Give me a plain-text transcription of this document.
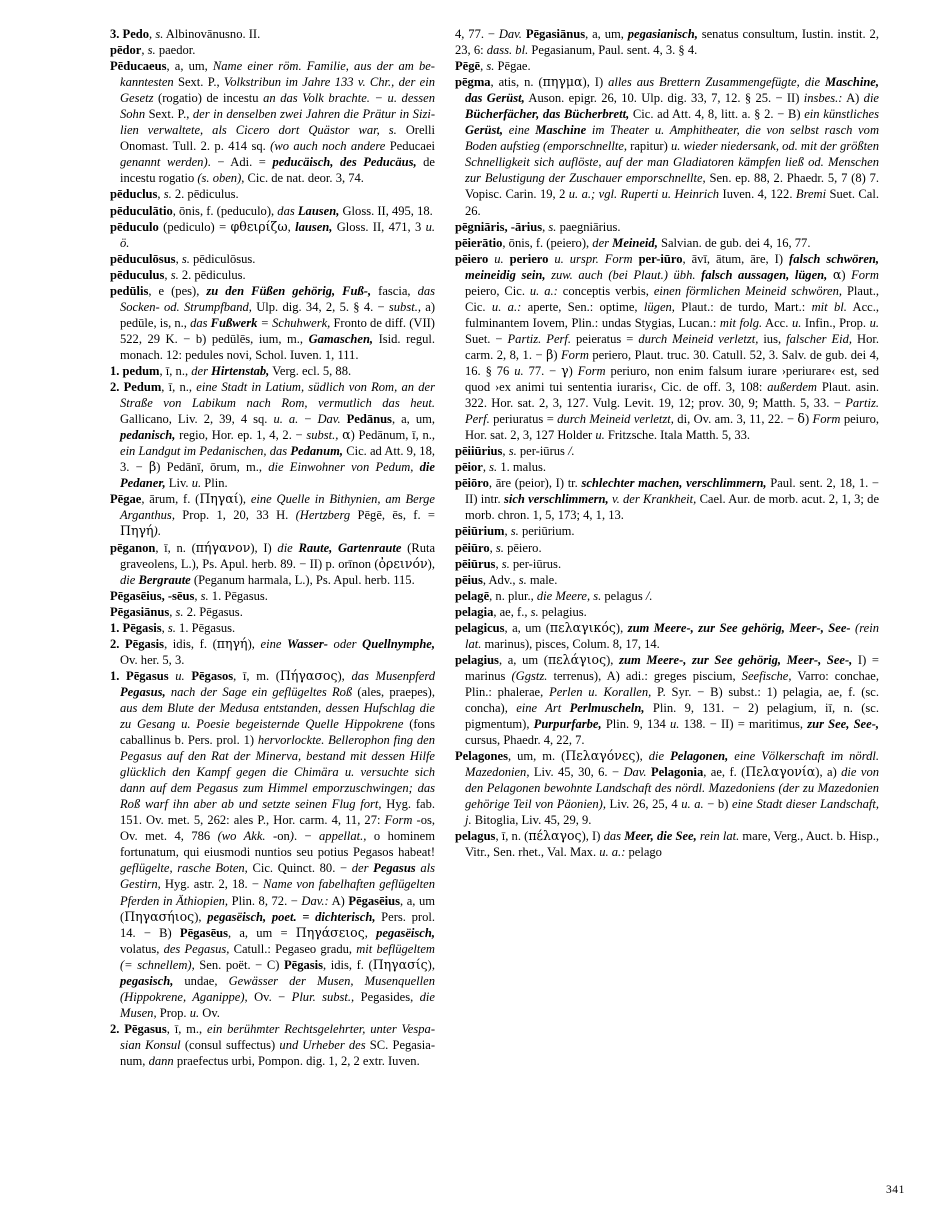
3. Pedo, s. Albinovānusno. II.

pēdor, s. paedor.

Pēducaeus, a, um, Name einer röm. Familie, aus der am bekanntesten Sext. P., Volkstribun im Jahre 133 v. Chr., der ein Gesetz (rogatio) de incestu an das Volk brachte. − u. dessen Sohn Sext. P., der in denselben zwei Jahren die Prätur in Sizilien verwaltete, als Cicero dort Quästor war, s. Orelli Onomast. Tull. 2. p. 414 sq. (wo auch noch andere Peducaei genannt werden). − Adi. = peducäisch, des Peducäus, de incestu rogatio (s. oben), Cic. de nat. deor. 3, 74.

pēduclus, s. 2. pēdiculus.

pēduculātio, ōnis, f. (peduculo), das Lausen, Gloss. II, 495, 18.

pēduculo (pediculo) = φθειρίζω, lausen, Gloss. II, 471, 3 u. ö.

pēduculōsus, s. pēdiculōsus.

pēduculus, s. 2. pēdiculus.

pedūlis, e (pes), zu den Füßen gehörig, Fuß-, fascia, das Socken- od. Strumpfband, Ulp. dig. 34, 2, 5. § 4. − subst., a) pedūle, is, n., das Fußwerk = Schuhwerk, Fronto de diff. (VII) 522, 29 K. − b) pedūlēs, ium, m., Gamaschen, Isid. regul. monach. 12: pedules novi, Schol. Iuven. 1, 111.

1. pedum, ī, n., der Hirtenstab, Verg. ecl. 5, 88.

2. Pedum, ī, n., eine Stadt in Latium, südlich von Rom, an der Straße von Labikum nach Rom, vermutlich das heut. Gallicano, Liv. 2, 39, 4 sq. u. a. − Dav. Pedānus, a, um, pedanisch, regio, Hor. ep. 1, 4, 2. − subst., α) Pedānum, ī, n., ein Landgut im Pedanischen, das Pedanum, Cic. ad Att. 9, 18, 3. − β) Pedānī, ōrum, m., die Einwohner von Pedum, die Pedaner, Liv. u. Plin.

Pēgae, ārum, f. (Πηγαί), eine Quelle in Bithynien, am Berge Arganthus, Prop. 1, 20, 33 H. (Hertzberg Pēgē, ēs, f. = Πηγή).

pēganon, ī, n. (πήγανον), I) die Raute, Gartenraute (Ruta graveolens, L.), Ps. Apul. herb. 89. − II) p. orīnon (ὀρεινόν), die Bergraute (Peganum harmala, L.), Ps. Apul. herb. 115.

Pēgasēius, -sēus, s. 1. Pēgasus.

Pēgasiānus, s. 2. Pēgasus.

1. Pēgasis, s. 1. Pēgasus.

2. Pēgasis, idis, f. (πηγή), eine Wasser- oder Quellnymphe, Ov. her. 5, 3.

1. Pēgasus u. Pēgasos, ī, m. (Πήγασος), das Musenpferd Pegasus, nach der Sage ein geflügeltes Roß (ales, praepes), aus dem Blute der Medusa entstanden, dessen Hufschlag die zu Gesang u. Poesie begeisternde Quelle Hippokrene (fons caballinus b. Pers. prol. 1) hervorlockte. Bellerophon fing den Pegasus auf den Rat der Minerva, bestand mit dessen Hilfe glücklich den Kampf gegen die Chimära u. versuchte sich dann auf dem Pegasus zum Himmel emporzuschwingen; das Roß warf ihn aber ab und setzte seinen Flug fort, Hyg. fab. 151. Ov. met. 5, 262: ales P., Hor. carm. 4, 11, 27: Form -os, Ov. met. 4, 786 (wo Akk. -on). − appellat., o hominem fortunatum, qui eiusmodi nuntios seu potius Pegasos habeat! geflügelte, rasche Boten, Cic. Quinct. 80. − der Pegasus als Gestirn, Hyg. astr. 2, 18. − Name von fabelhaften geflügelten Pferden in Äthiopien, Plin. 8, 72. − Dav.: A) Pēgasēius, a, um (Πηγασήιος), pegasëisch, poet. = dichterisch, Pers. prol. 14. − B) Pēgasēus, a, um = Πηγάσειος, pegasëisch, volatus, des Pegasus, Catull.: Pegaseo gradu, mit beflügeltem (= schnellem), Sen. poët. − C) Pēgasis, idis, f. (Πηγασίς), pegasisch, undae, Gewässer der Musen, Musenquellen (Hippokrene, Aganippe), Ov. − Plur. subst., Pegasides, die Musen, Prop. u. Ov.

2. Pēgasus, ī, m., ein berühmter Rechtsgelehrter, unter Vespasian Konsul (consul suffectus) und Urheber des SC. Pegasianum, dann praefectus urbi, Pompon. dig. 1, 2, 2 extr. Iuven.

4, 77. − Dav. Pēgasiānus, a, um, pegasianisch, senatus consultum, Iustin. instit. 2, 23, 6: dass. bl. Pegasianum, Paul. sent. 4, 3. § 4.

Pēgē, s. Pēgae.

pēgma, atis, n. (πηγμα), I) alles aus Brettern Zusammengefügte, die Maschine, das Gerüst, Auson. epigr. 26, 10. Ulp. dig. 33, 7, 12. § 25. − II) insbes.: A) die Bücherfächer, das Bücherbrett, Cic. ad Att. 4, 8, litt. a. § 2. − B) ein künstliches Gerüst, eine Maschine im Theater u. Amphitheater, die von selbst rasch vom Boden aufstieg (emporschnellte, rapitur) u. wieder niedersank, od. mit der größten Schnelligkeit sich auflöste, auf der man Gladiatoren kämpfen ließ od. Menschen zur Belustigung der Zuschauer emporschnellte, Sen. ep. 88, 2. Phaedr. 5, 7 (8) 7. Vopisc. Carin. 19, 2 u. a.; vgl. Ruperti u. Heinrich Iuven. 4, 122. Bremi Suet. Cal. 26.

pēgniāris, -ārius, s. paegniārius.

pēierātio, ōnis, f. (peiero), der Meineid, Salvian. de gub. dei 4, 16, 77.

pēiero u. periero u. urspr. Form per-iūro, āvī, ātum, āre, I) falsch schwören, meineidig sein, zuw. auch (bei Plaut.) übh. falsch aussagen, lügen, α) Form peiero, Cic. u. a.: conceptis verbis, einen förmlichen Meineid schwören, Plaut., Cic. u. a.: aperte, Sen.: optime, lügen, Plaut.: de turdo, Mart.: mit bl. Acc., fulminantem Iovem, Plin.: undas Stygias, Lucan.: mit folg. Acc. u. Infin., Prop. u. Suet. − Partiz. Perf. peieratus = durch Meineid verletzt, ius, falscher Eid, Hor. carm. 2, 8, 1. − β) Form periero, Plaut. truc. 30. Catull. 52, 3. Salv. de gub. dei 4, 16. § 76 u. 77. − γ) Form periuro, non enim falsum iurare ›periurare‹ est, sed quod ›ex animi tui sententia iuraris‹, Cic. de off. 3, 108: außerdem Plaut. asin. 322. Hor. sat. 2, 3, 127. Vulg. Levit. 19, 12; prov. 30, 9; Matth. 5, 33. − Partiz. Perf. periuratus = durch Meineid verletzt, di, Ov. am. 3, 11, 22. − δ) Form peiuro, Hor. sat. 2, 3, 127 Holder u. Fritzsche. Itala Matth. 5, 33.

pēiiūrius, s. per-iūrus /.

pēior, s. 1. malus.

pēiōro, āre (peior), I) tr. schlechter machen, verschlimmern, Paul. sent. 2, 18, 1. − II) intr. sich verschlimmern, v. der Krankheit, Cael. Aur. de morb. acut. 2, 1, 3; de morb. chron. 1, 5, 173; 4, 1, 13.

pēiūrium, s. periūrium.

pēiūro, s. pēiero.

pēiūrus, s. per-iūrus.

pēius, Adv., s. male.

pelagē, n. plur., die Meere, s. pelagus /.

pelagia, ae, f., s. pelagius.

pelagicus, a, um (πελαγικός), zum Meere-, zur See gehörig, Meer-, See- (rein lat. marinus), pisces, Colum. 8, 17, 14.

pelagius, a, um (πελάγιος), zum Meere-, zur See gehörig, Meer-, See-, I) = marinus (Ggstz. terrenus), A) adi.: greges piscium, Seefische, Varro: conchae, Plin.: phalerae, Perlen u. Korallen, P. Syr. − B) subst.: 1) pelagia, ae, f. (sc. concha), eine Art Perlmuscheln, Plin. 9, 131. − 2) pelagium, iī, n. (sc. pigmentum), Purpurfarbe, Plin. 9, 134 u. 138. − II) = maritimus, zur See, See-, cursus, Phaedr. 4, 22, 7.

Pelagones, um, m. (Πελαγόνες), die Pelagonen, eine Völkerschaft im nördl. Mazedonien, Liv. 45, 30, 6. − Dav. Pelagonia, ae, f. (Πελαγονία), a) die von den Pelagonen bewohnte Landschaft des nördl. Mazedoniens (der zu Mazedonien gehörige Teil von Päonien), Liv. 26, 25, 4 u. a. − b) eine Stadt dieser Landschaft, j. Bitoglia, Liv. 45, 29, 9.

pelagus, ī, n. (πέλαγος), I) das Meer, die See, rein lat. mare, Verg., Auct. b. Hisp., Vitr., Sen. rhet., Val. Max. u. a.: pelago

341
